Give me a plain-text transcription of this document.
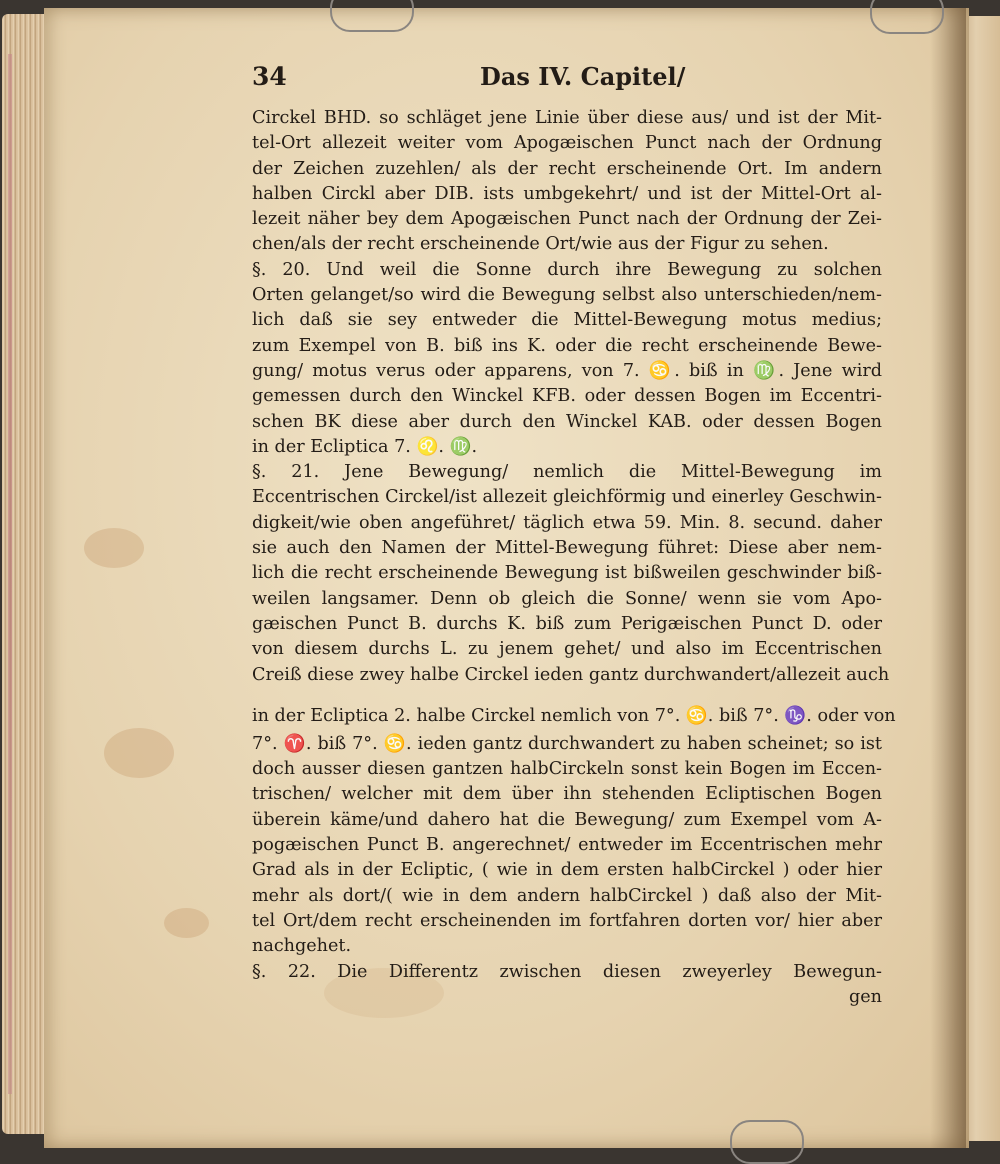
34	Das IV. Capitel/
Circkel BHD. so schläget jene Linie über diese aus/ und ist der Mit-
tel-Ort allezeit weiter vom Apogæischen Punct nach der Ordnung
der Zeichen zuzehlen/ als der recht erscheinende Ort. Im andern
halben Circkl aber DIB. ists umbgekehrt/ und ist der Mittel-Ort al-
lezeit näher bey dem Apogæischen Punct nach der Ordnung der Zei-
chen/als der recht erscheinende Ort/wie aus der Figur zu sehen.
§. 20. Und weil die Sonne durch ihre Bewegung zu solchen
Orten gelanget/so wird die Bewegung selbst also unterschieden/nem-
lich daß sie sey entweder die Mittel-Bewegung motus medius;
zum Exempel von B. biß ins K. oder die recht erscheinende Bewe-
gung/ motus verus oder apparens, von 7. ♋. biß in ♍. Jene wird
gemessen durch den Winckel KFB. oder dessen Bogen im Eccentri-
schen BK diese aber durch den Winckel KAB. oder dessen Bogen
in der Ecliptica 7. ♌. ♍.
§. 21. Jene Bewegung/ nemlich die Mittel-Bewegung im
Eccentrischen Circkel/ist allezeit gleichförmig und einerley Geschwin-
digkeit/wie oben angeführet/ täglich etwa 59. Min. 8. secund. daher
sie auch den Namen der Mittel-Bewegung führet: Diese aber nem-
lich die recht erscheinende Bewegung ist bißweilen geschwinder biß-
weilen langsamer. Denn ob gleich die Sonne/ wenn sie vom Apo-
gæischen Punct B. durchs K. biß zum Perigæischen Punct D. oder
von diesem durchs L. zu jenem gehet/ und also im Eccentrischen
Creiß diese zwey halbe Circkel ieden gantz durchwandert/allezeit auch
in der Ecliptica 2. halbe Circkel nemlich von 7°. ♋. biß 7°. ♑. oder von
7°. ♈. biß 7°. ♋. ieden gantz durchwandert zu haben scheinet; so ist
doch ausser diesen gantzen halbCirckeln sonst kein Bogen im Eccen-
trischen/ welcher mit dem über ihn stehenden Ecliptischen Bogen
überein käme/und dahero hat die Bewegung/ zum Exempel vom A-
pogæischen Punct B. angerechnet/ entweder im Eccentrischen mehr
Grad als in der Ecliptic, ( wie in dem ersten halbCirckel ) oder hier
mehr als dort/( wie in dem andern halbCirckel ) daß also der Mit-
tel Ort/dem recht erscheinenden im fortfahren dorten vor/ hier aber
nachgehet.
§. 22. Die Differentz zwischen diesen zweyerley Bewegun-
gen
